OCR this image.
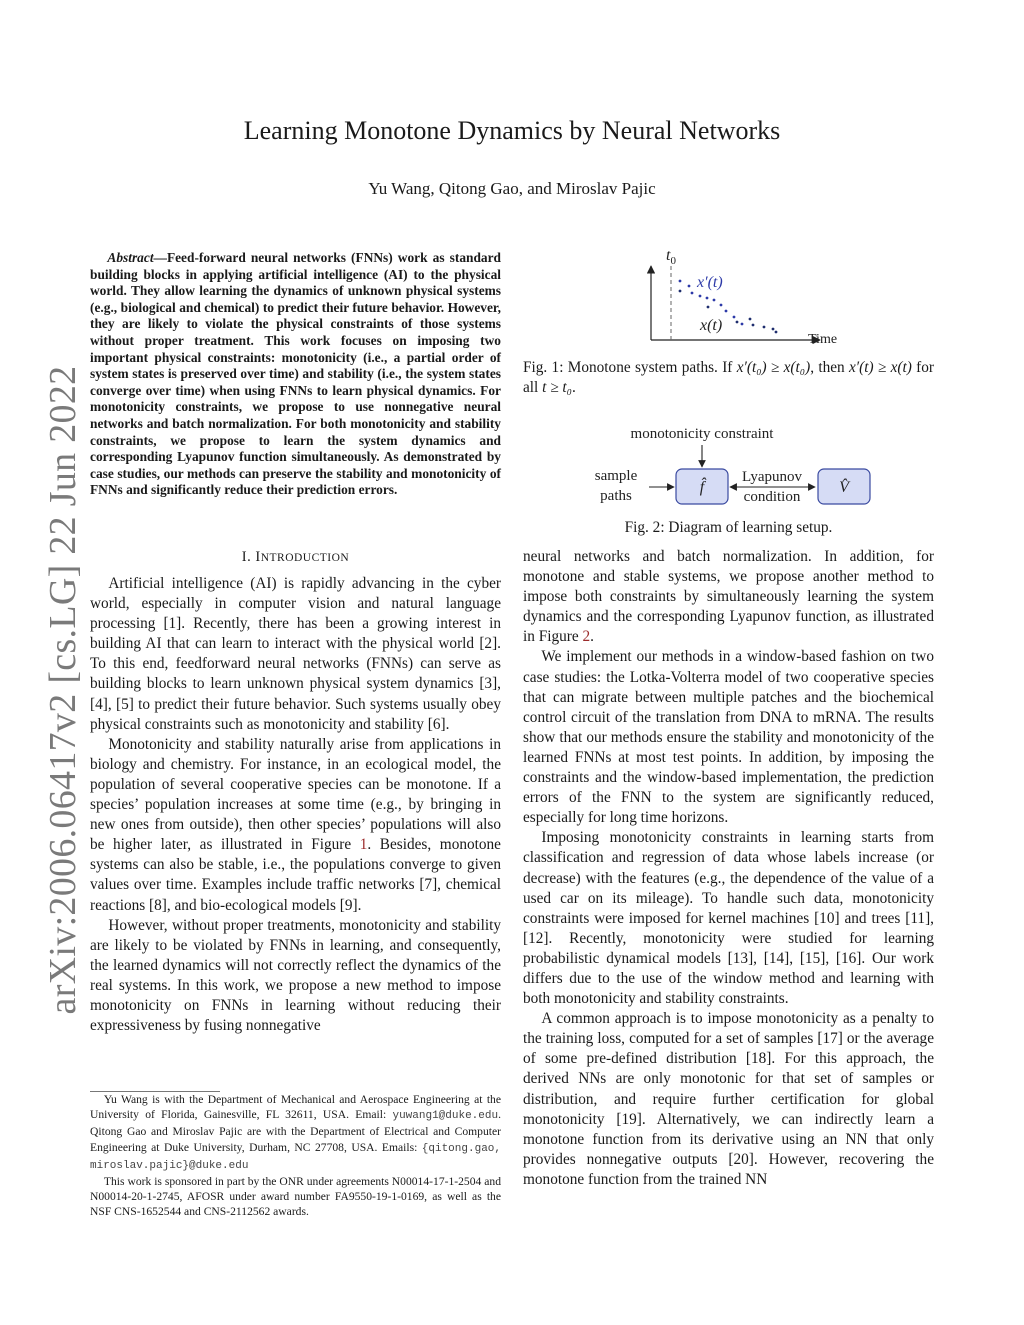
arXiv:2006.06417v2 [cs.LG] 22 Jun 2022
Learning Monotone Dynamics by Neural Networks
Yu Wang, Qitong Gao, and Miroslav Pajic
Abstract—Feed-forward neural networks (FNNs) work as standard building blocks in applying artificial intelligence (AI) to the physical world. They allow learning the dynamics of unknown physical systems (e.g., biological and chemical) to predict their future behavior. However, they are likely to violate the physical constraints of those systems without proper treatment. This work focuses on imposing two important physical constraints: monotonicity (i.e., a partial order of system states is preserved over time) and stability (i.e., the system states converge over time) when using FNNs to learn physical dynamics. For monotonicity constraints, we propose to use nonnegative neural networks and batch normalization. For both monotonicity and stability constraints, we propose to learn the system dynamics and corresponding Lyapunov function simultaneously. As demonstrated by case studies, our methods can preserve the stability and monotonicity of FNNs and significantly reduce their prediction errors.
I. INTRODUCTION

Artificial intelligence (AI) is rapidly advancing in the cyber world, especially in computer vision and natural language processing [1]. Recently, there has been a growing interest in building AI that can learn to interact with the physical world [2]. To this end, feedforward neural networks (FNNs) can serve as building blocks to learn unknown physical system dynamics [3], [4], [5] to predict their future behavior. Such systems usually obey physical constraints such as monotonicity and stability [6].

Monotonicity and stability naturally arise from applications in biology and chemistry. For instance, in an ecological model, the population of several cooperative species can be monotone. If a species’ population increases at some time (e.g., by bringing in new ones from outside), then other species’ populations will also be higher later, as illustrated in Figure 1. Besides, monotone systems can also be stable, i.e., the populations converge to given values over time. Examples include traffic networks [7], chemical reactions [8], and bio-ecological models [9].

However, without proper treatments, monotonicity and stability are likely to be violated by FNNs in learning, and consequently, the learned dynamics will not correctly reflect the dynamics of the real systems. In this work, we propose a new method to impose monotonicity on FNNs in learning without reducing their expressiveness by fusing nonnegative

Yu Wang is with the Department of Mechanical and Aerospace Engineering at the University of Florida, Gainesville, FL 32611, USA. Email: yuwang1@duke.edu. Qitong Gao and Miroslav Pajic are with the Department of Electrical and Computer Engineering at Duke University, Durham, NC 27708, USA. Emails: {qitong.gao, miroslav.pajic}@duke.edu

This work is sponsored in part by the ONR under agreements N00014-17-1-2504 and N00014-20-1-2745, AFOSR under award number FA9550-19-1-0169, as well as the NSF CNS-1652544 and CNS-2112562 awards.

$t_0$
x′(t)
x(t)
Time
Fig. 1: Monotone system paths. If x′(t₀) ≥ x(t₀), then x′(t) ≥ x(t) for all t ≥ t₀.
monotonicity constraint
sample
paths	f̂
Lyapunov
condition
V̂
Fig. 2: Diagram of learning setup.

neural networks and batch normalization. In addition, for monotone and stable systems, we propose another method to impose both constraints by simultaneously learning the system dynamics and the corresponding Lyapunov function, as illustrated in Figure 2.

We implement our methods in a window-based fashion on two case studies: the Lotka-Volterra model of two cooperative species that can migrate between multiple patches and the biochemical control circuit of the translation from DNA to mRNA. The results show that our methods ensure the stability and monotonicity of the learned FNNs at most test points. In addition, by imposing the constraints and the window-based implementation, the prediction errors of the FNN to the system are significantly reduced, especially for long time horizons.

Imposing monotonicity constraints in learning starts from classification and regression of data whose labels increase (or decrease) with the features (e.g., the dependence of the value of a used car on its mileage). To handle such data, monotonicity constraints were imposed for kernel machines [10] and trees [11], [12]. Recently, monotonicity were studied for learning probabilistic dynamical models [13], [14], [15], [16]. Our work differs due to the use of the window method and learning with both monotonicity and stability constraints.

A common approach is to impose monotonicity as a penalty to the training loss, computed for a set of samples [17] or the average of some pre-defined distribution [18]. For this approach, the derived NNs are only monotonic for that set of samples or distribution, and require further certification for global monotonicity [19]. Alternatively, we can indirectly learn a monotone function from its derivative using an NN that only provides nonnegative outputs [20]. However, recovering the monotone function from the trained NN
